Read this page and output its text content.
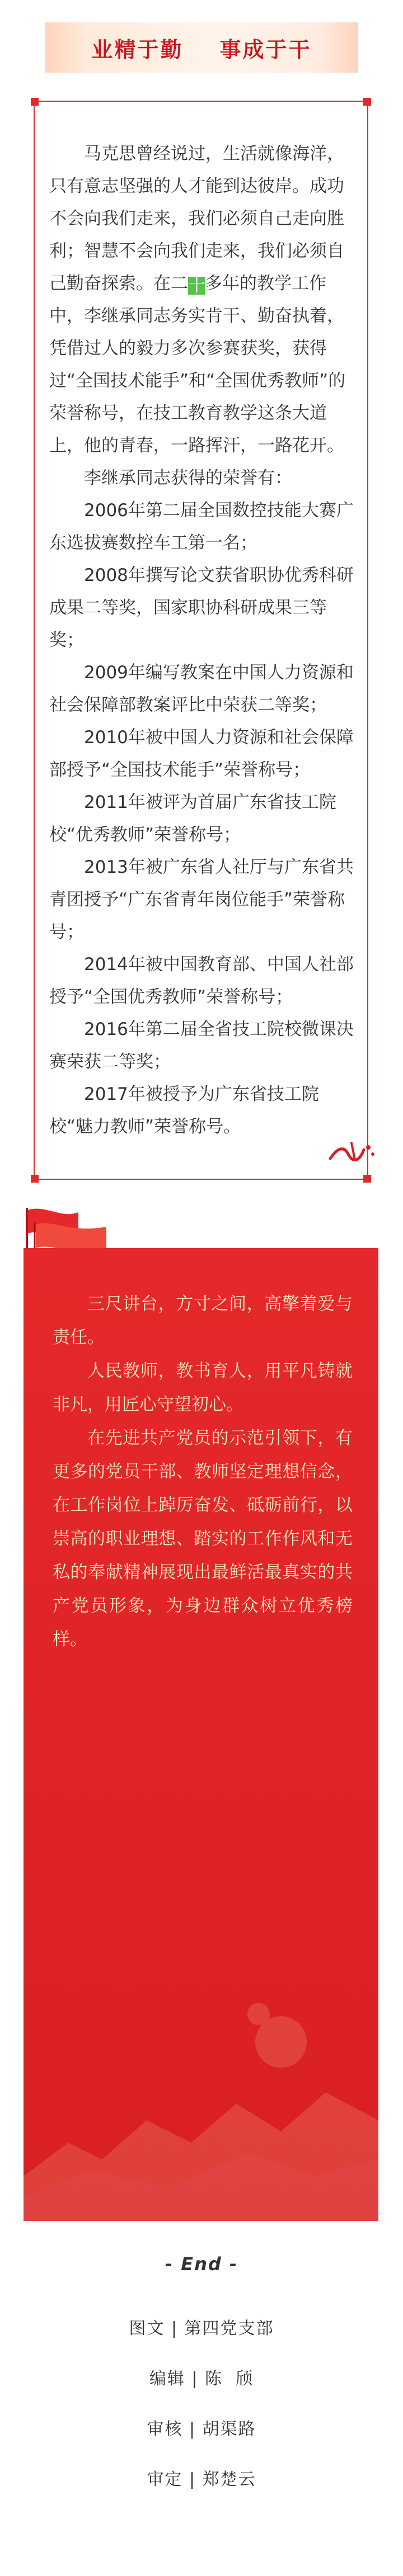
业精于勤    事成于干

马克思曾经说过，生活就像海洋，只有意志坚强的人才能到达彼岸。成功不会向我们走来，我们必须自己走向胜利；智慧不会向我们走来，我们必须自己勤奋探索。在二十多年的教学工作中，李继承同志务实肯干、勤奋执着，凭借过人的毅力多次参赛获奖，获得过“全国技术能手”和“全国优秀教师”的荣誉称号，在技工教育教学这条大道上，他的青春，一路挥汗，一路花开。

李继承同志获得的荣誉有：

2006年第二届全国数控技能大赛广东选拔赛数控车工第一名；

2008年撰写论文获省职协优秀科研成果二等奖，国家职协科研成果三等奖；

2009年编写教案在中国人力资源和社会保障部教案评比中荣获二等奖；

2010年被中国人力资源和社会保障部授予“全国技术能手”荣誉称号；

2011年被评为首届广东省技工院校“优秀教师”荣誉称号；

2013年被广东省人社厅与广东省共青团授予“广东省青年岗位能手”荣誉称号；

2014年被中国教育部、中国人社部授予“全国优秀教师”荣誉称号；

2016年第二届全省技工院校微课决赛荣获二等奖；

2017年被授予为广东省技工院校“魅力教师”荣誉称号。

三尺讲台，方寸之间，高擎着爱与责任。

人民教师，教书育人，用平凡铸就非凡，用匠心守望初心。

在先进共产党员的示范引领下，有更多的党员干部、教师坚定理想信念，在工作岗位上踔厉奋发、砥砺前行，以崇高的职业理想、踏实的工作作风和无私的奉献精神展现出最鲜活最真实的共产党员形象，为身边群众树立优秀榜样。

- End -
图文 | 第四党支部
编辑 | 陈  颀
审核 | 胡渠路
审定 | 郑楚云
